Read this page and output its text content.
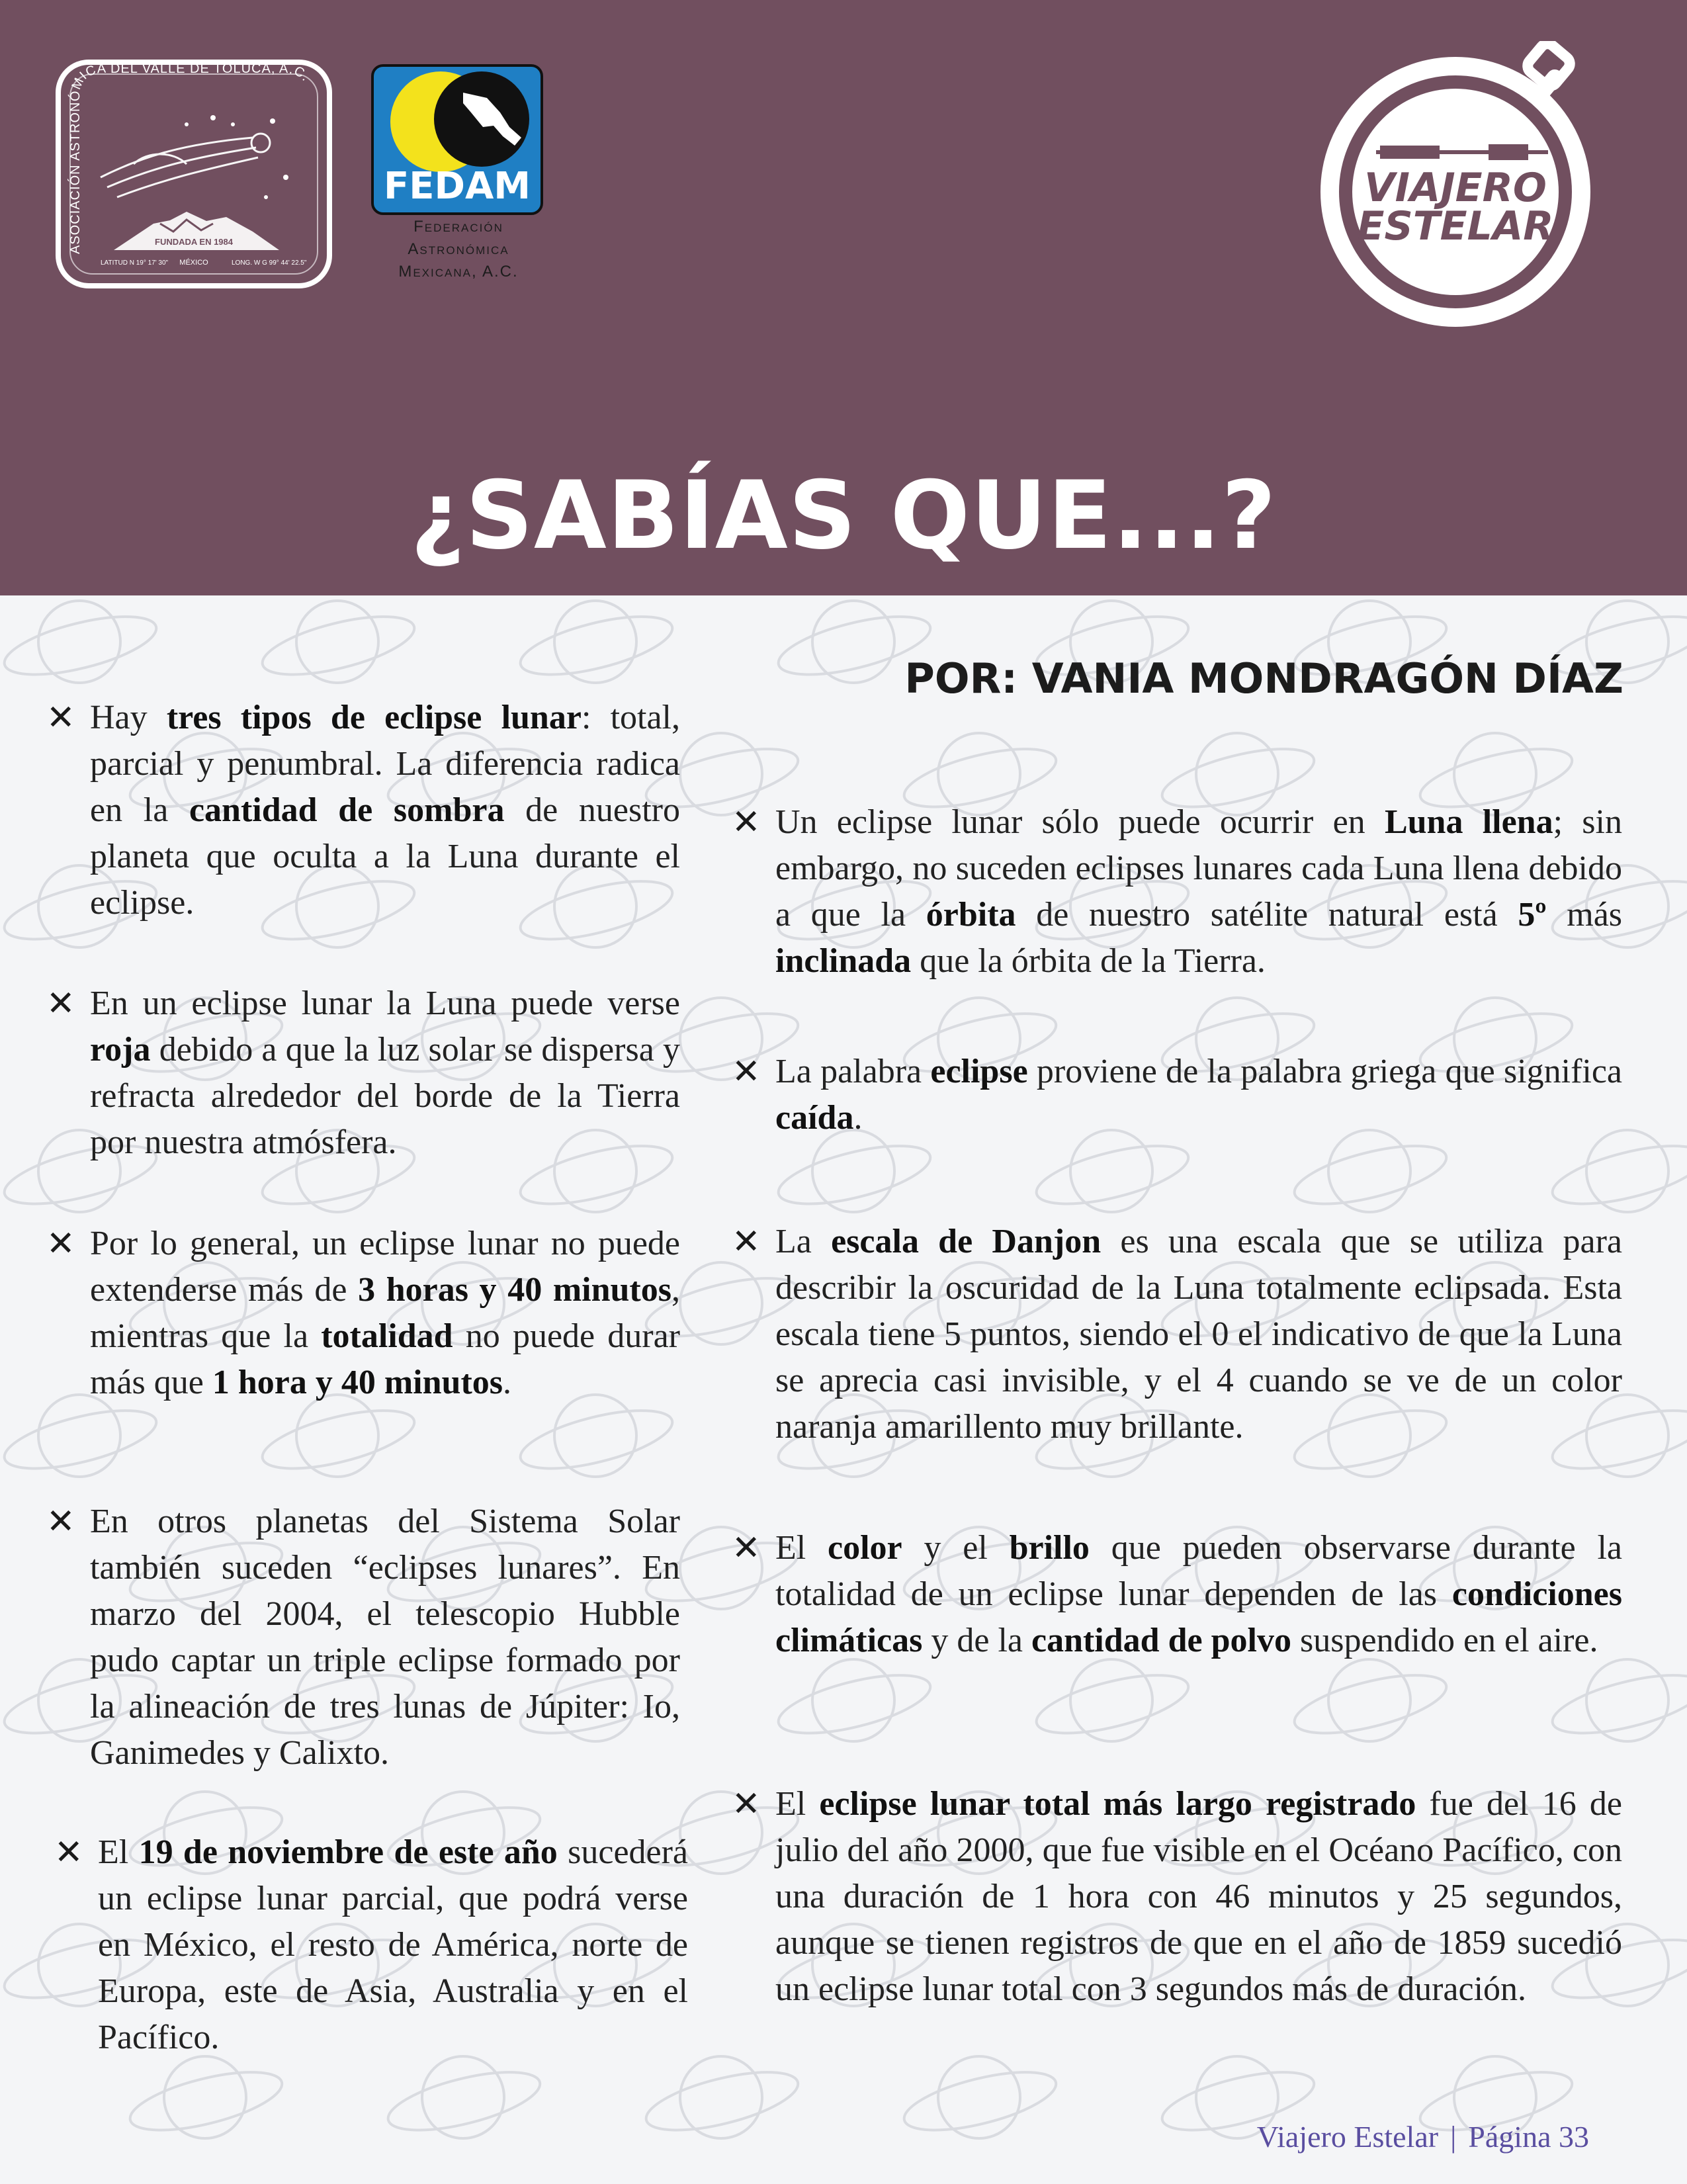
ASOCIACIÓN ASTRONÓMICA DEL VALLE DE TOLUCA, A.C.
FUNDADA EN 1984
MÉXICO
LATITUD N 19° 17' 30"	LONG. W G 99° 44' 22.5"
FEDAM
Federación
Astronómica
Mexicana, A.C.
VIAJERO
ESTELAR
¿SABÍAS QUE...?
POR: VANIA MONDRAGÓN DÍAZ
✕ Hay tres tipos de eclipse lunar: total, parcial y penumbral. La diferencia radica en la cantidad de sombra de nuestro planeta que oculta a la Luna durante el eclipse.
✕ En un eclipse lunar la Luna puede verse roja debido a que la luz solar se dispersa y refracta alrededor del borde de la Tierra por nuestra atmósfera.
✕ Por lo general, un eclipse lunar no puede extenderse más de 3 horas y 40 minutos, mientras que la totalidad no puede durar más que 1 hora y 40 minutos.
✕ En otros planetas del Sistema Solar también suceden “eclipses lunares”. En marzo del 2004, el telescopio Hubble pudo captar un triple eclipse formado por la alineación de tres lunas de Júpiter: Io, Ganimedes y Calixto.
✕ El 19 de noviembre de este año sucederá un eclipse lunar parcial, que podrá verse en México, el resto de América, norte de Europa, este de Asia, Australia y en el Pacífico.
✕ Un eclipse lunar sólo puede ocurrir en Luna llena; sin embargo, no suceden eclipses lunares cada Luna llena debido a que la órbita de nuestro satélite natural está 5º más inclinada que la órbita de la Tierra.
✕ La palabra eclipse proviene de la palabra griega que significa caída.
✕ La escala de Danjon es una escala que se utiliza para describir la oscuridad de la Luna totalmente eclipsada. Esta escala tiene 5 puntos, siendo el 0 el indicativo de que la Luna se aprecia casi invisible, y el 4 cuando se ve de un color naranja amarillento muy brillante.
✕ El color y el brillo que pueden observarse durante la totalidad de un eclipse lunar dependen de las condiciones climáticas y de la cantidad de polvo suspendido en el aire.
✕ El eclipse lunar total más largo registrado fue del 16 de julio del año 2000, que fue visible en el Océano Pacífico, con una duración de 1 hora con 46 minutos y 25 segundos, aunque se tienen registros de que en el año de 1859 sucedió un eclipse lunar total con 3 segundos más de duración.
Viajero Estelar | Página 33
